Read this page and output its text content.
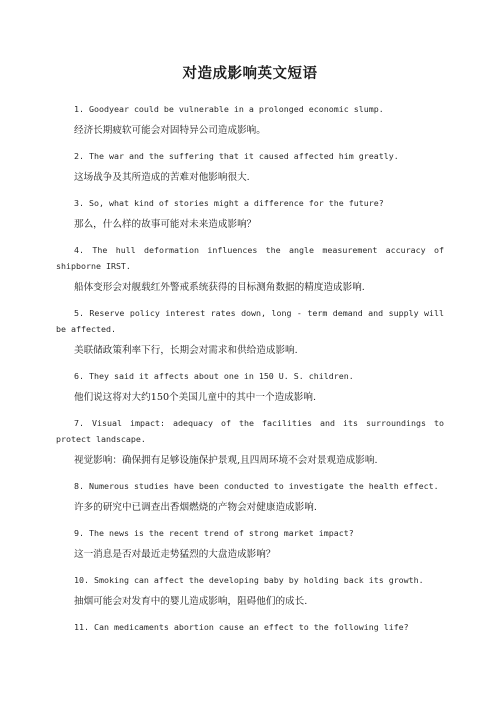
对造成影响英文短语

1. Goodyear could be vulnerable in a prolonged economic slump.

经济长期疲软可能会对固特异公司造成影响。

2. The war and the suffering that it caused affected him greatly.

这场战争及其所造成的苦难对他影响很大.

3. So, what kind of stories might a difference for the future?

那么，什么样的故事可能对未来造成影响？

4. The hull deformation influences the angle measurement accuracy of shipborne IRST.

船体变形会对舰载红外警戒系统获得的目标测角数据的精度造成影响.

5. Reserve policy interest rates down, long - term demand and supply will be affected.

美联储政策利率下行，长期会对需求和供给造成影响.

6. They said it affects about one in 150 U. S. children.

他们说这将对大约150个美国儿童中的其中一个造成影响.

7. Visual impact: adequacy of the facilities and its surroundings to protect landscape.

视觉影响：确保拥有足够设施保护景观,且四周环境不会对景观造成影响.

8. Numerous studies have been conducted to investigate the health effect.

许多的研究中已调查出香烟燃烧的产物会对健康造成影响.

9. The news is the recent trend of strong market impact?

这一消息是否对最近走势猛烈的大盘造成影响？

10. Smoking can affect the developing baby by holding back its growth.

抽烟可能会对发育中的婴儿造成影响，阻碍他们的成长.

11. Can medicaments abortion cause an effect to the following life?
